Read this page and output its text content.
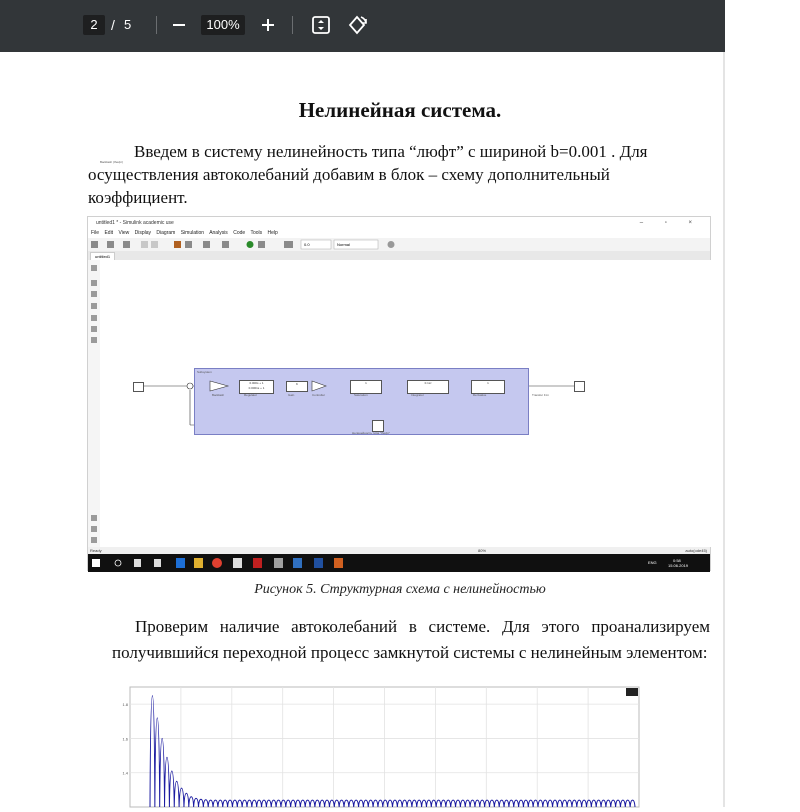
2 / 5	100%
Нелинейная система.
Введем в систему нелинейность типа “люфт” с шириной b=0.001 . Для осуществления автоколебаний добавим в блок – схему дополнительный коэффициент.
untitled1 * - Simulink academic use	– ▫ ×
File Edit View Display Diagram Simulation Analysis Code Tools Help
0.0	Normal
untitled1
Subsystem
0.000s + 1
0.0001s + 1
K	1	0.1s²	1
Backlash	Regulator	Gain	Controller	Saturation	Integrator	Derivative	Transfer Fcn
Нелинейность типа "Люфт"
Backlash (Люфт)
Ready	80%	auto(ode45)
ENG	0:58
15.06.2019
Рисунок 5. Структурная схема с нелинейностью
Проверим наличие автоколебаний в системе. Для этого проанализируем получившийся переходной процесс замкнутой системы с нелинейным элементом:
1.8
1.6
1.4
